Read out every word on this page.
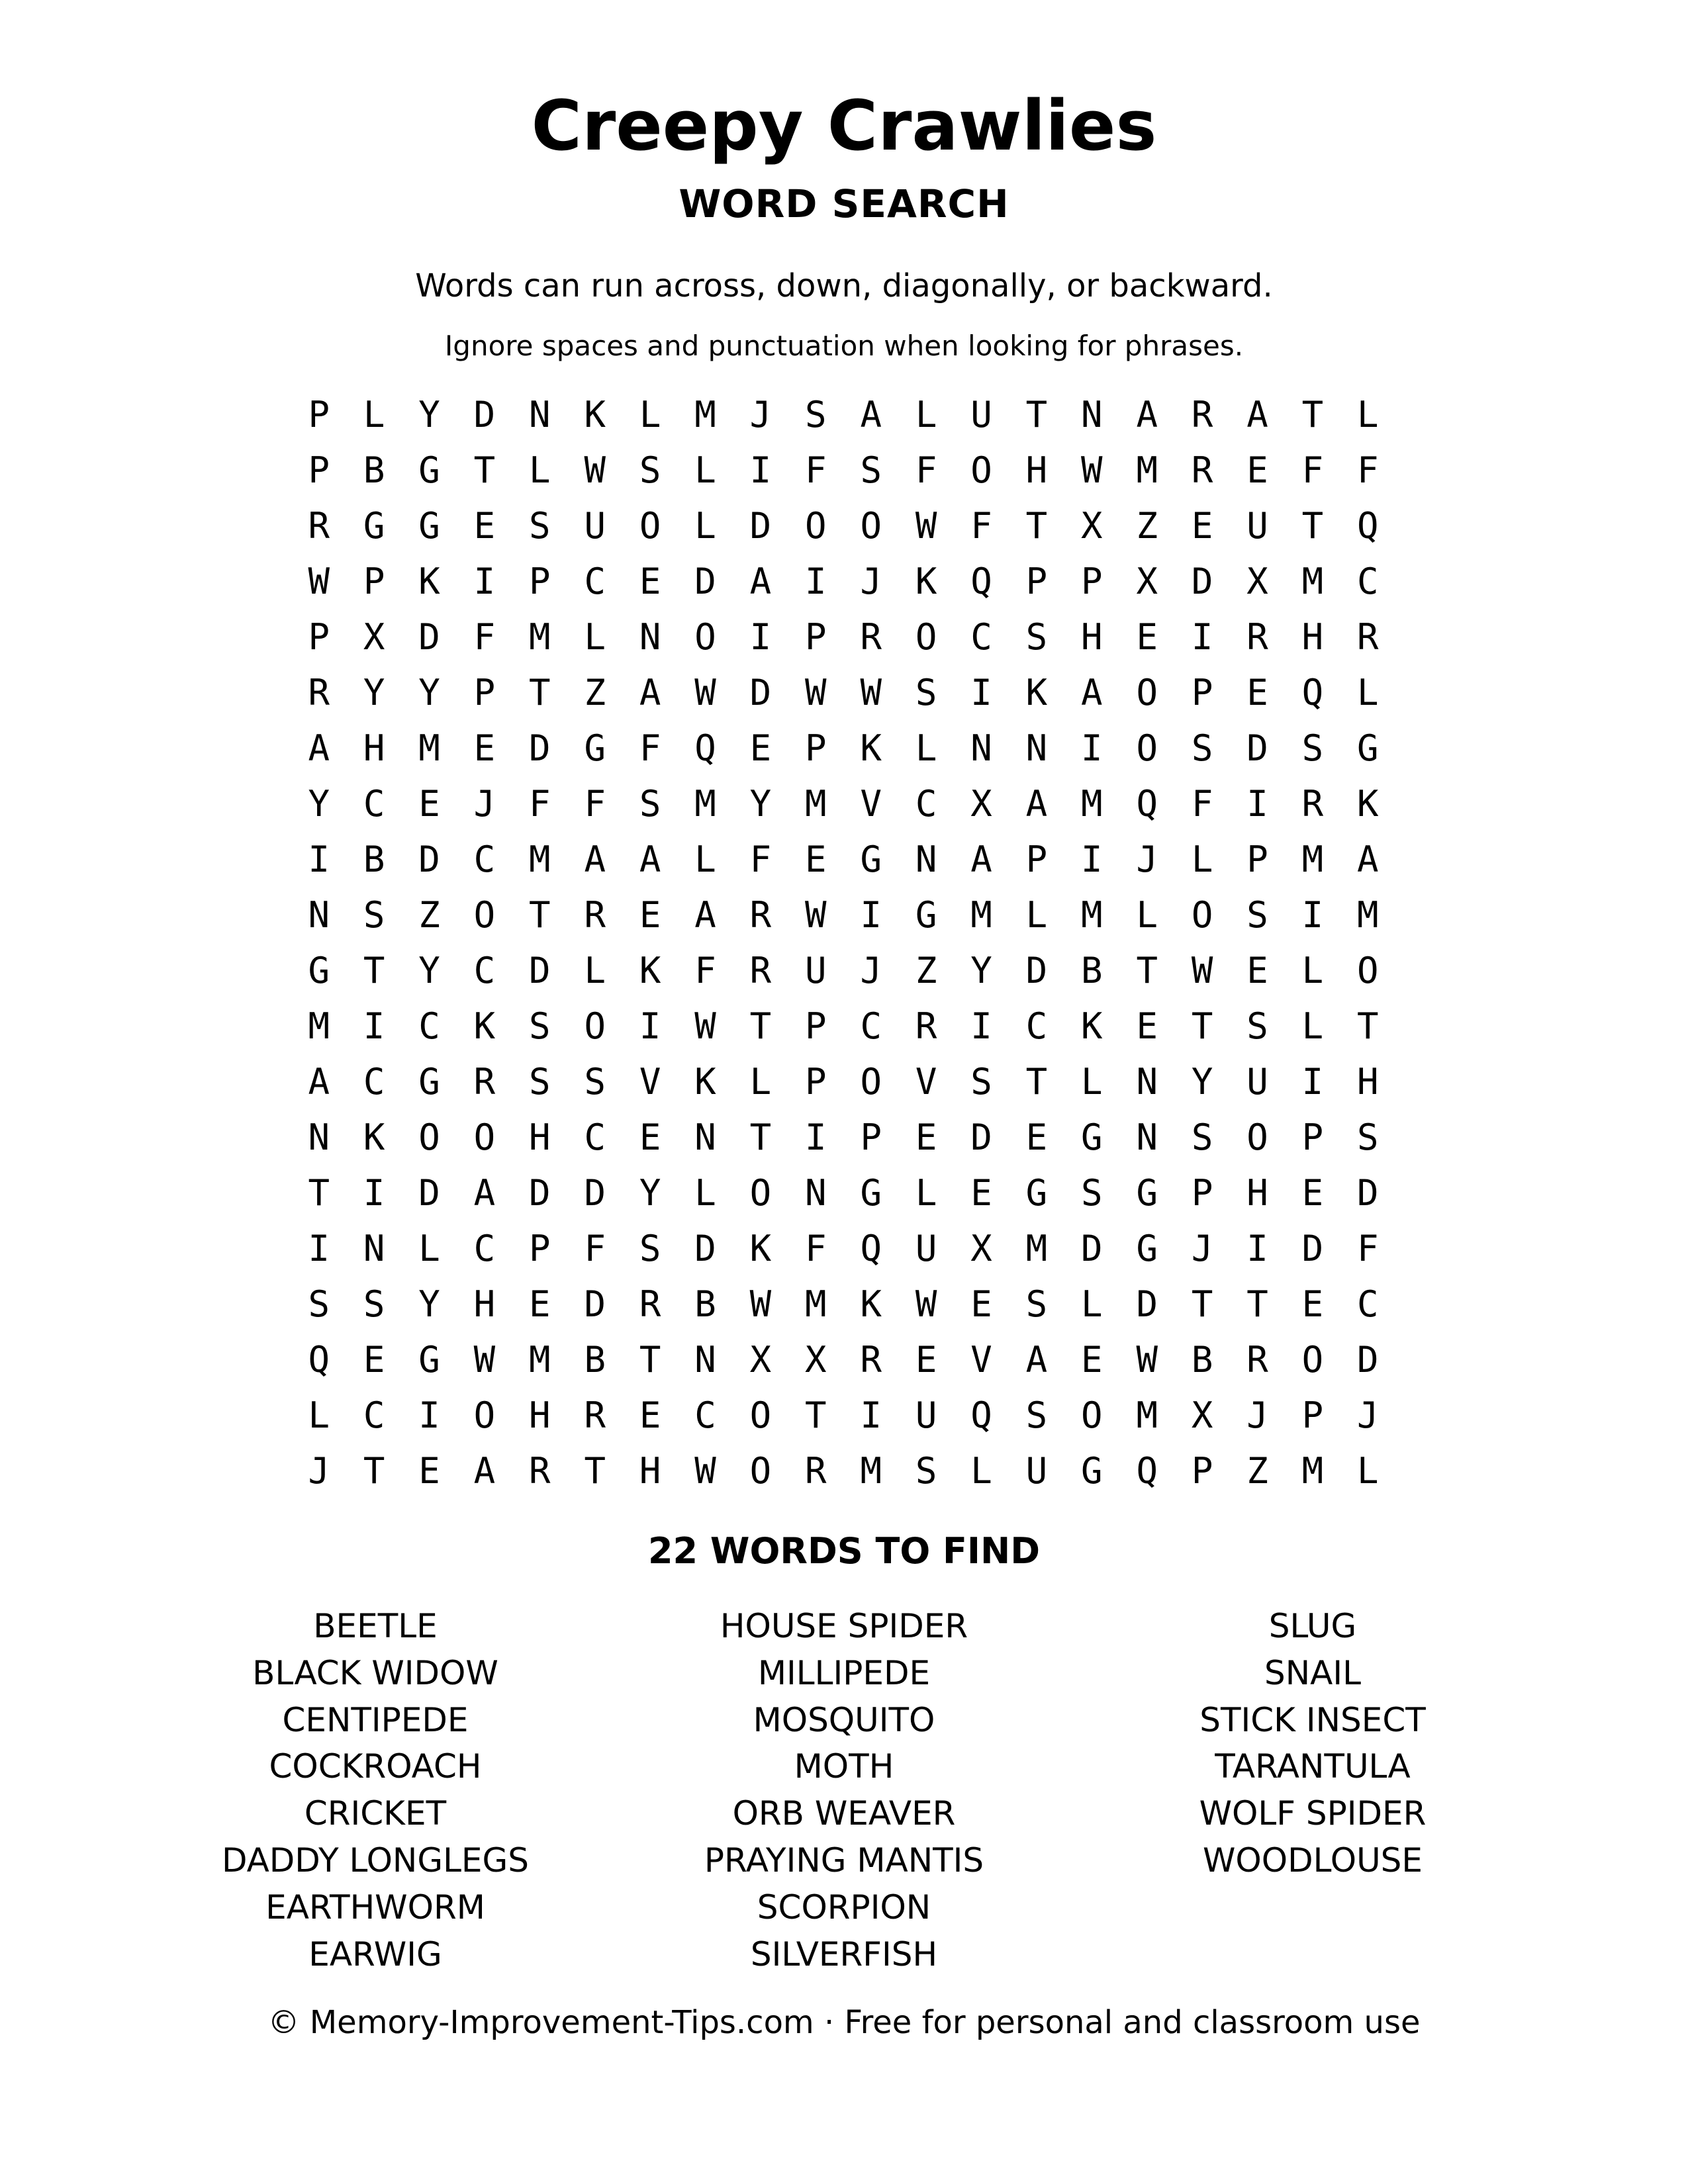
Creepy Crawlies
WORD SEARCH
Words can run across, down, diagonally, or backward.
Ignore spaces and punctuation when looking for phrases.
P L Y D N K L M J S A L U T N A R A T L
P B G T L W S L I F S F O H W M R E F F
R G G E S U O L D O O W F T X Z E U T Q
W P K I P C E D A I J K Q P P X D X M C
P X D F M L N O I P R O C S H E I R H R
R Y Y P T Z A W D W W S I K A O P E Q L
A H M E D G F Q E P K L N N I O S D S G
Y C E J F F S M Y M V C X A M Q F I R K
I B D C M A A L F E G N A P I J L P M A
N S Z O T R E A R W I G M L M L O S I M
G T Y C D L K F R U J Z Y D B T W E L O
M I C K S O I W T P C R I C K E T S L T
A C G R S S V K L P O V S T L N Y U I H
N K O O H C E N T I P E D E G N S O P S
T I D A D D Y L O N G L E G S G P H E D
I N L C P F S D K F Q U X M D G J I D F
S S Y H E D R B W M K W E S L D T T E C
Q E G W M B T N X X R E V A E W B R O D
L C I O H R E C O T I U Q S O M X J P J
J T E A R T H W O R M S L U G Q P Z M L
22 WORDS TO FIND
BEETLE
BLACK WIDOW
CENTIPEDE
COCKROACH
CRICKET
DADDY LONGLEGS
EARTHWORM
EARWIG
HOUSE SPIDER
MILLIPEDE
MOSQUITO
MOTH
ORB WEAVER
PRAYING MANTIS
SCORPION
SILVERFISH
SLUG
SNAIL
STICK INSECT
TARANTULA
WOLF SPIDER
WOODLOUSE
© Memory-Improvement-Tips.com · Free for personal and classroom use
